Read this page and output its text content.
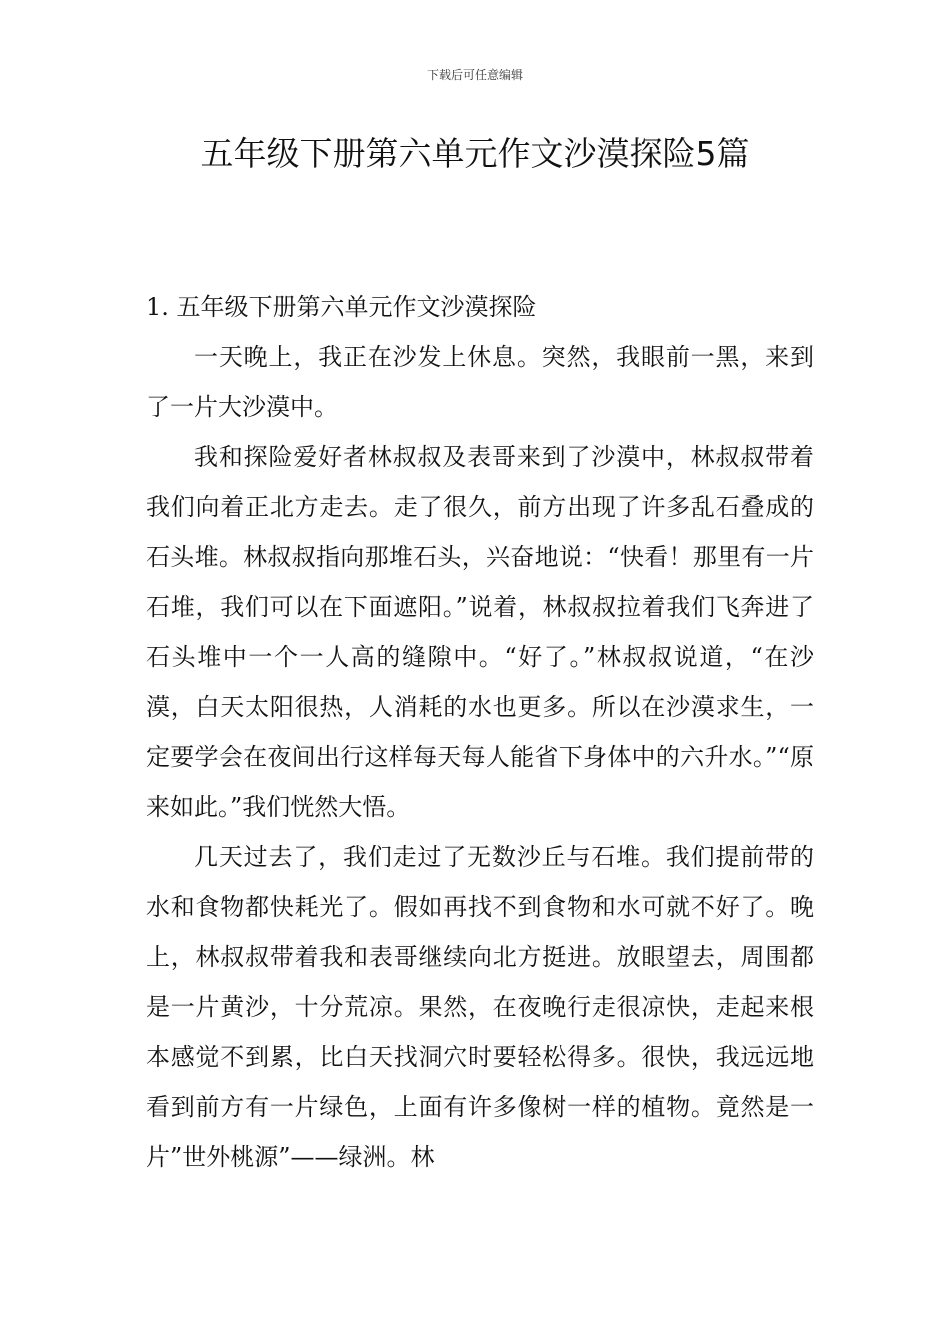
下载后可任意编辑
五年级下册第六单元作文沙漠探险5篇
1. 五年级下册第六单元作文沙漠探险

一天晚上，我正在沙发上休息。突然，我眼前一黑，来到了一片大沙漠中。

我和探险爱好者林叔叔及表哥来到了沙漠中，林叔叔带着我们向着正北方走去。走了很久，前方出现了许多乱石叠成的石头堆。林叔叔指向那堆石头，兴奋地说：“快看！那里有一片石堆，我们可以在下面遮阳。”说着，林叔叔拉着我们飞奔进了石头堆中一个一人高的缝隙中。“好了。”林叔叔说道，“在沙漠，白天太阳很热，人消耗的水也更多。所以在沙漠求生，一定要学会在夜间出行这样每天每人能省下身体中的六升水。”“原来如此。”我们恍然大悟。

几天过去了，我们走过了无数沙丘与石堆。我们提前带的水和食物都快耗光了。假如再找不到食物和水可就不好了。晚上，林叔叔带着我和表哥继续向北方挺进。放眼望去，周围都是一片黄沙，十分荒凉。果然，在夜晚行走很凉快，走起来根本感觉不到累，比白天找洞穴时要轻松得多。很快，我远远地看到前方有一片绿色，上面有许多像树一样的植物。竟然是一片”世外桃源”——绿洲。林
